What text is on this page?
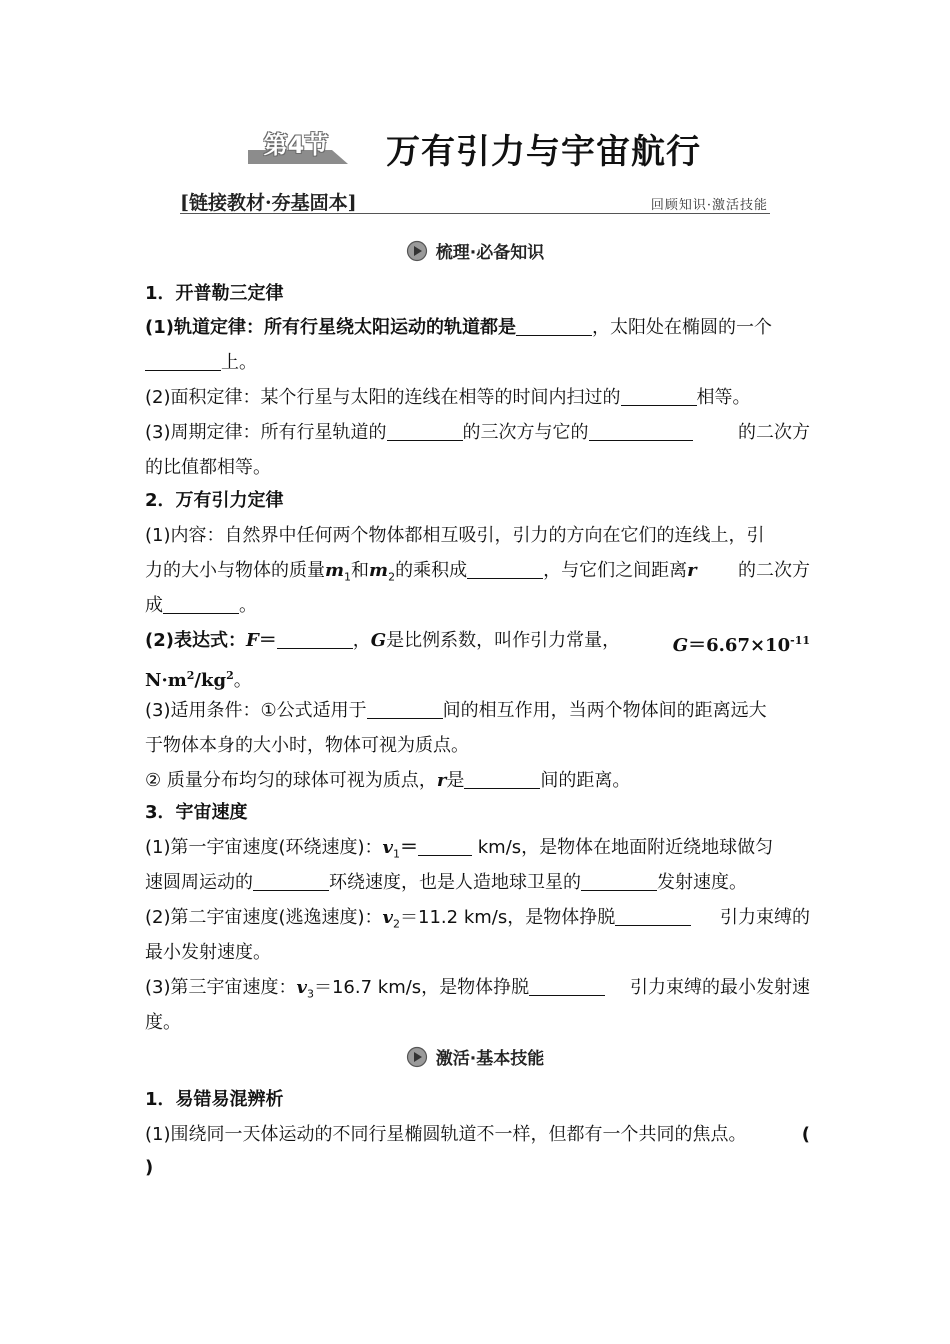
第4节 万有引力与宇宙航行
[链接教材·夯基固本]	回顾知识·激活技能
梳理·必备知识
1．开普勒三定律
(1)轨道定律：所有行星绕太阳运动的轨道都是	，太阳处在椭圆的一个
上。
(2)面积定律：某个行星与太阳的连线在相等的时间内扫过的	相等。
(3)周期定律：所有行星轨道的	的三次方与它的	的二次方
的比值都相等。
2．万有引力定律
(1)内容：自然界中任何两个物体都相互吸引，引力的方向在它们的连线上，引
力的大小与物体的质量$m_1$和$m_2$的乘积成	，与它们之间距离r 的二次方
成	。
(2)表达式：F＝	，G是比例系数，叫作引力常量，	$G=6.67\times 10^{-11}$
$N\cdot m^2/kg^2$。
(3)适用条件：①公式适用于	间的相互作用，当两个物体间的距离远大
于物体本身的大小时，物体可视为质点。
② 质量分布均匀的球体可视为质点，r是	间的距离。
3．宇宙速度
(1)第一宇宙速度(环绕速度)：$v_1=$	km/s，是物体在地面附近绕地球做匀
速圆周运动的	环绕速度，也是人造地球卫星的	发射速度。
(2)第二宇宙速度(逃逸速度)：$v_2=11.2$ km/s，是物体挣脱	引力束缚的
最小发射速度。
(3)第三宇宙速度：$v_3=16.7$ km/s，是物体挣脱	引力束缚的最小发射速
度。
激活·基本技能
1．易错易混辨析
(1)围绕同一天体运动的不同行星椭圆轨道不一样，但都有一个共同的焦点。	(
)
